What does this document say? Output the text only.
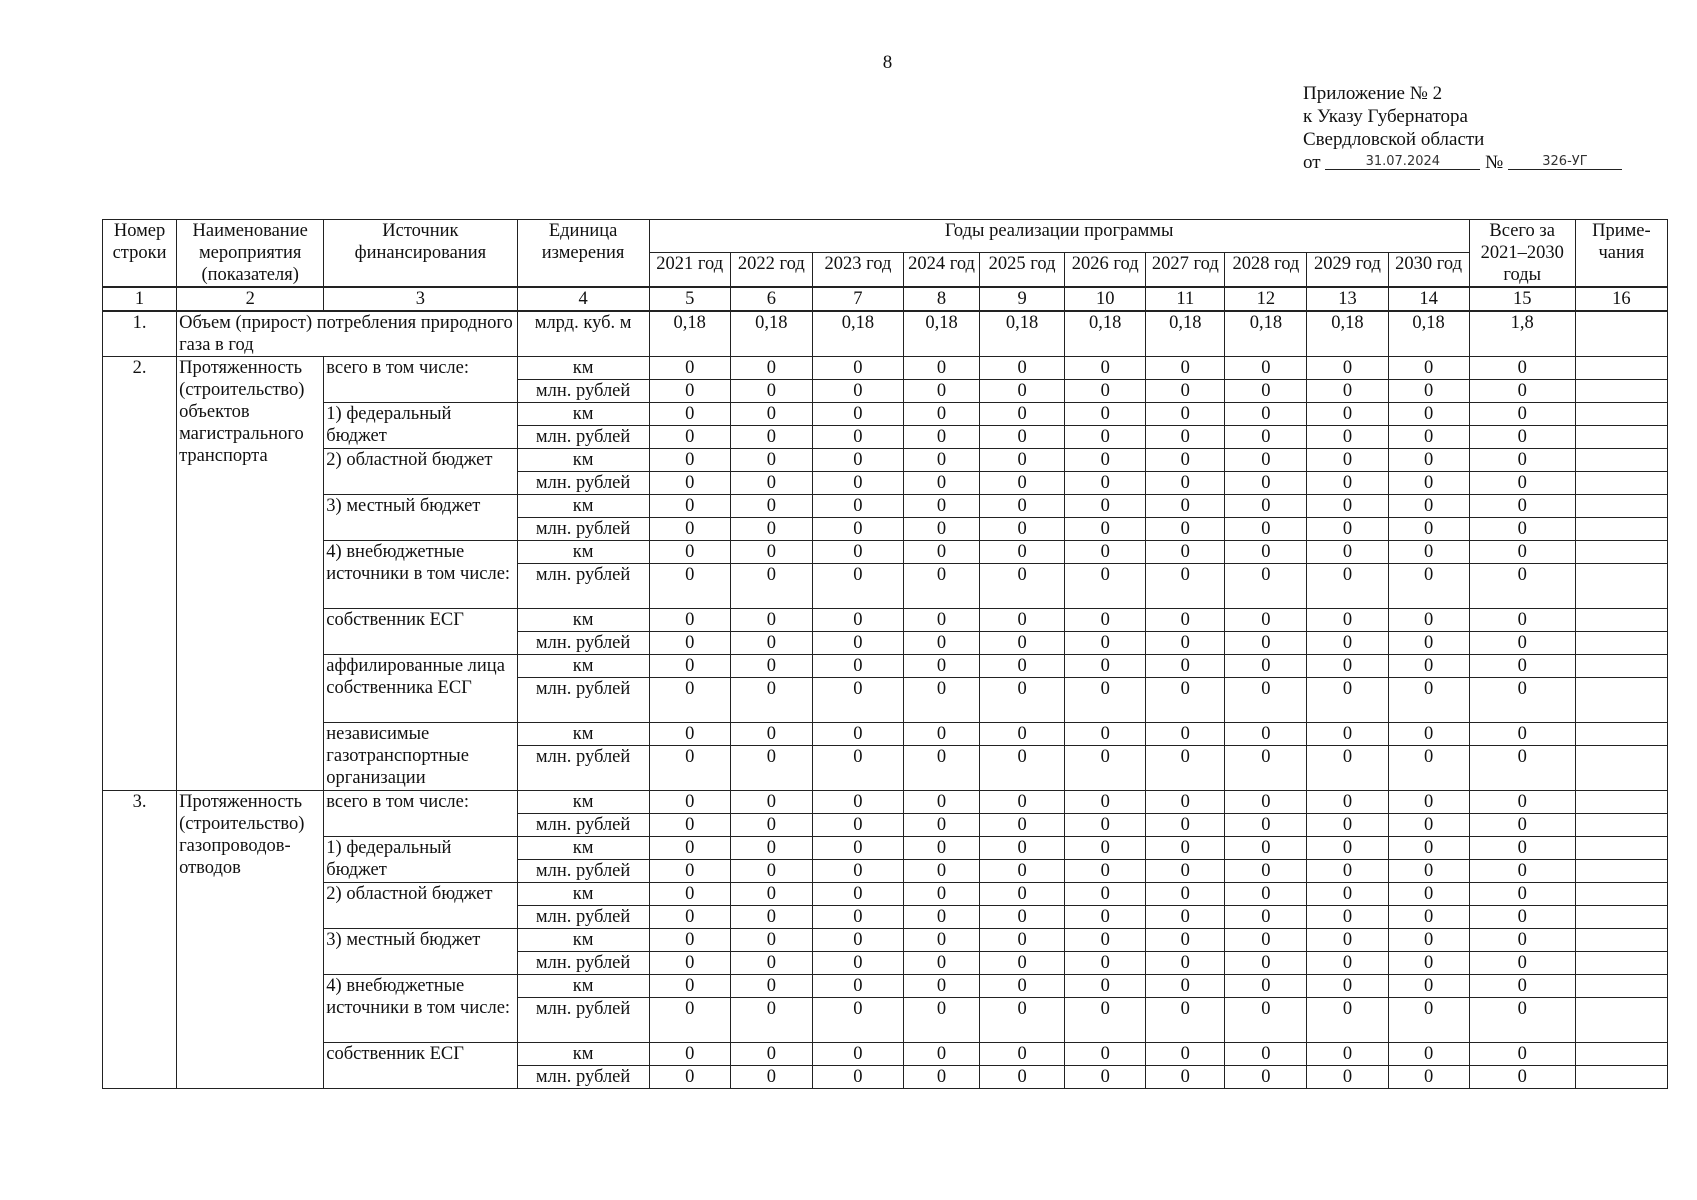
8
Приложение № 2
к Указу Губернатора
Свердловской области
от	31.07.2024 №	326-УГ
Номер строки	Наименование мероприятия (показателя)	Источник финансирования	Единица измерения	Годы реализации программы										Всего за 2021–2030 годы	Приме-чания
				2021 год	2022 год	2023 год	2024 год	2025 год	2026 год	2027 год	2028 год	2029 год	2030 год		
1	2	3	4	5	6	7	8	9	10	11	12	13	14	15	16
1.	Объем (прирост) потребления природного газа в год		млрд. куб. м	0,18	0,18	0,18	0,18	0,18	0,18	0,18	0,18	0,18	0,18	1,8	
2.	Протяженность (строительство) объектов магистрального транспорта	всего в том числе:	км	0	0	0	0	0	0	0	0	0	0	0	
			млн. рублей	0	0	0	0	0	0	0	0	0	0	0	
		1) федеральный бюджет	км	0	0	0	0	0	0	0	0	0	0	0	
			млн. рублей	0	0	0	0	0	0	0	0	0	0	0	
		2) областной бюджет	км	0	0	0	0	0	0	0	0	0	0	0	
			млн. рублей	0	0	0	0	0	0	0	0	0	0	0	
		3) местный бюджет	км	0	0	0	0	0	0	0	0	0	0	0	
			млн. рублей	0	0	0	0	0	0	0	0	0	0	0	
		4) внебюджетные источники в том числе:	км	0	0	0	0	0	0	0	0	0	0	0	
			млн. рублей	0	0	0	0	0	0	0	0	0	0	0	
		собственник ЕСГ	км	0	0	0	0	0	0	0	0	0	0	0	
			млн. рублей	0	0	0	0	0	0	0	0	0	0	0	
		аффилированные лица собственника ЕСГ	км	0	0	0	0	0	0	0	0	0	0	0	
			млн. рублей	0	0	0	0	0	0	0	0	0	0	0	
		независимые газотранспортные организации	км	0	0	0	0	0	0	0	0	0	0	0	
			млн. рублей	0	0	0	0	0	0	0	0	0	0	0	
3.	Протяженность (строительство) газопроводов-отводов	всего в том числе:	км	0	0	0	0	0	0	0	0	0	0	0	
			млн. рублей	0	0	0	0	0	0	0	0	0	0	0	
		1) федеральный бюджет	км	0	0	0	0	0	0	0	0	0	0	0	
			млн. рублей	0	0	0	0	0	0	0	0	0	0	0	
		2) областной бюджет	км	0	0	0	0	0	0	0	0	0	0	0	
			млн. рублей	0	0	0	0	0	0	0	0	0	0	0	
		3) местный бюджет	км	0	0	0	0	0	0	0	0	0	0	0	
			млн. рублей	0	0	0	0	0	0	0	0	0	0	0	
		4) внебюджетные источники в том числе:	км	0	0	0	0	0	0	0	0	0	0	0	
			млн. рублей	0	0	0	0	0	0	0	0	0	0	0	
		собственник ЕСГ	км	0	0	0	0	0	0	0	0	0	0	0	
			млн. рублей	0	0	0	0	0	0	0	0	0	0	0	
